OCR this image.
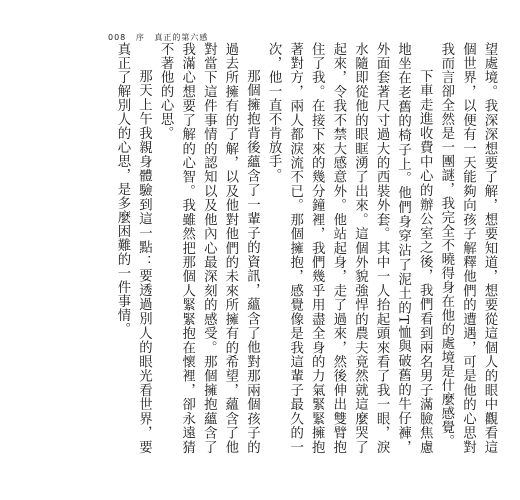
008 序 真正的第六感

望處境。我深深想要了解，想要知道，想要從這個人的眼中觀看這個世界，以便有一天能夠向孩子解釋他們的遭遇，可是他的心思對我而言卻全然是一團謎，我完全不曉得身在他的處境是什麼感覺。

下車走進收費中心的辦公室之後，我們看到兩名男子滿臉焦慮地坐在老舊的椅子上。他們身穿沾了泥土的T恤與破舊的牛仔褲，外面套著尺寸過大的西裝外套。其中一人抬起頭來看了我一眼，淚水隨即從他的眼眶湧了出來。這個外貌強悍的農夫竟然就這麼哭了起來，令我不禁大感意外。他站起身，走了過來，然後伸出雙臂抱住了我。在接下來的幾分鐘裡，我們幾乎用盡全身的力氣緊緊擁抱著對方，兩人都淚流不已。那個擁抱，感覺像是我這輩子最久的一次，他一直不肯放手。

那個擁抱背後蘊含了一輩子的資訊，蘊含了他對那兩個孩子的過去所擁有的了解，以及他對他們的未來所擁有的希望，蘊含了他對當下這件事情的認知以及他內心最深刻的感受。那個擁抱蘊含了我滿心想要了解的心智。我雖然把那個人緊緊抱在懷裡，卻永遠猜不著他的心思。

那天上午我親身體驗到這一點：要透過別人的眼光看世界，要真正了解別人的心思，是多麼困難的一件事情。
